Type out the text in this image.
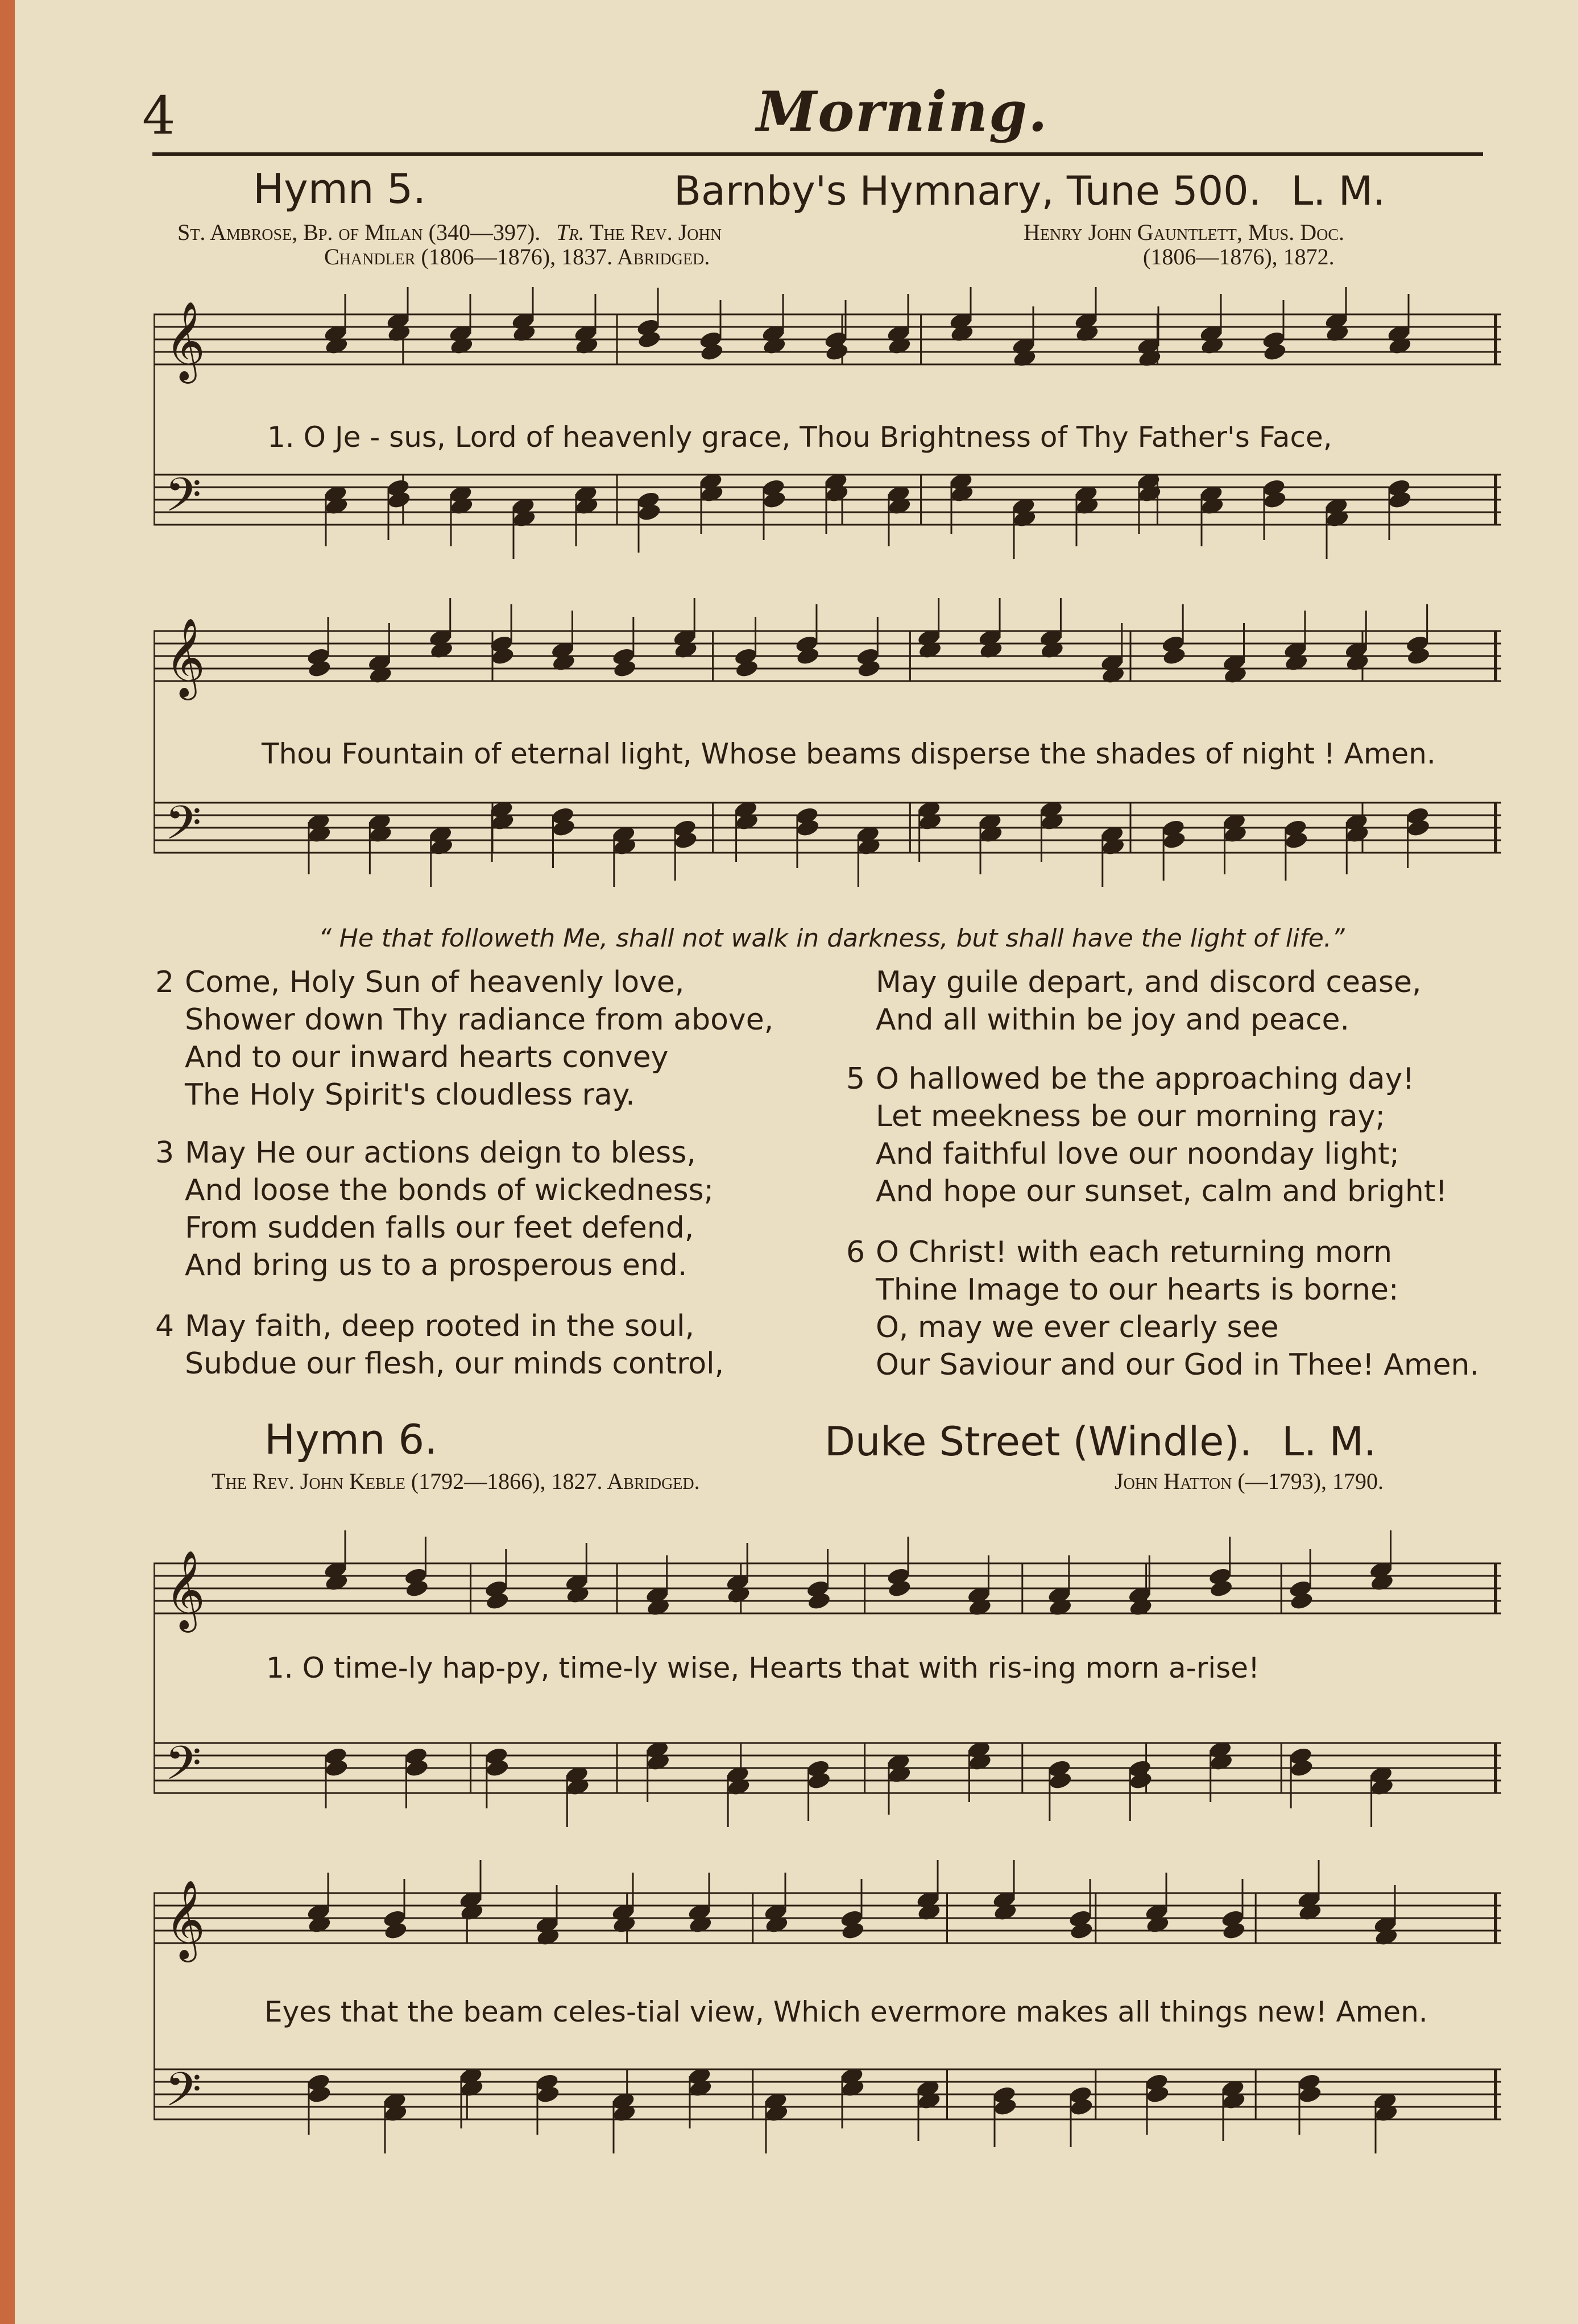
4	Morning.
Hymn 5.	Barnby's Hymnary, Tune 500. L. M.
St. Ambrose, Bp. of Milan (340—397). Tr. The Rev. John
Chandler (1806—1876), 1837. Abridged.
Henry John Gauntlett, Mus. Doc.
(1806—1876), 1872.
𝄞
𝄢
1. O Je - sus, Lord of heavenly grace, Thou Brightness of Thy Father's Face,
𝄞
𝄢
Thou Fountain of eternal light, Whose beams disperse the shades of night ! Amen.
“ He that followeth Me, shall not walk in darkness, but shall have the light of life.”
2 Come, Holy Sun of heavenly love,
Shower down Thy radiance from above,
And to our inward hearts convey
The Holy Spirit's cloudless ray.
3 May He our actions deign to bless,
And loose the bonds of wickedness;
From sudden falls our feet defend,
And bring us to a prosperous end.
4 May faith, deep rooted in the soul,
Subdue our flesh, our minds control,
May guile depart, and discord cease,
And all within be joy and peace.
5 O hallowed be the approaching day!
Let meekness be our morning ray;
And faithful love our noonday light;
And hope our sunset, calm and bright!
6 O Christ! with each returning morn
Thine Image to our hearts is borne:
O, may we ever clearly see
Our Saviour and our God in Thee! Amen.
Hymn 6.	Duke Street (Windle). L. M.
The Rev. John Keble (1792—1866), 1827. Abridged.	John Hatton (—1793), 1790.
𝄞
𝄢
1. O time-ly hap-py, time-ly wise, Hearts that with ris-ing morn a-rise!
𝄞
𝄢
Eyes that the beam celes-tial view, Which evermore makes all things new! Amen.
